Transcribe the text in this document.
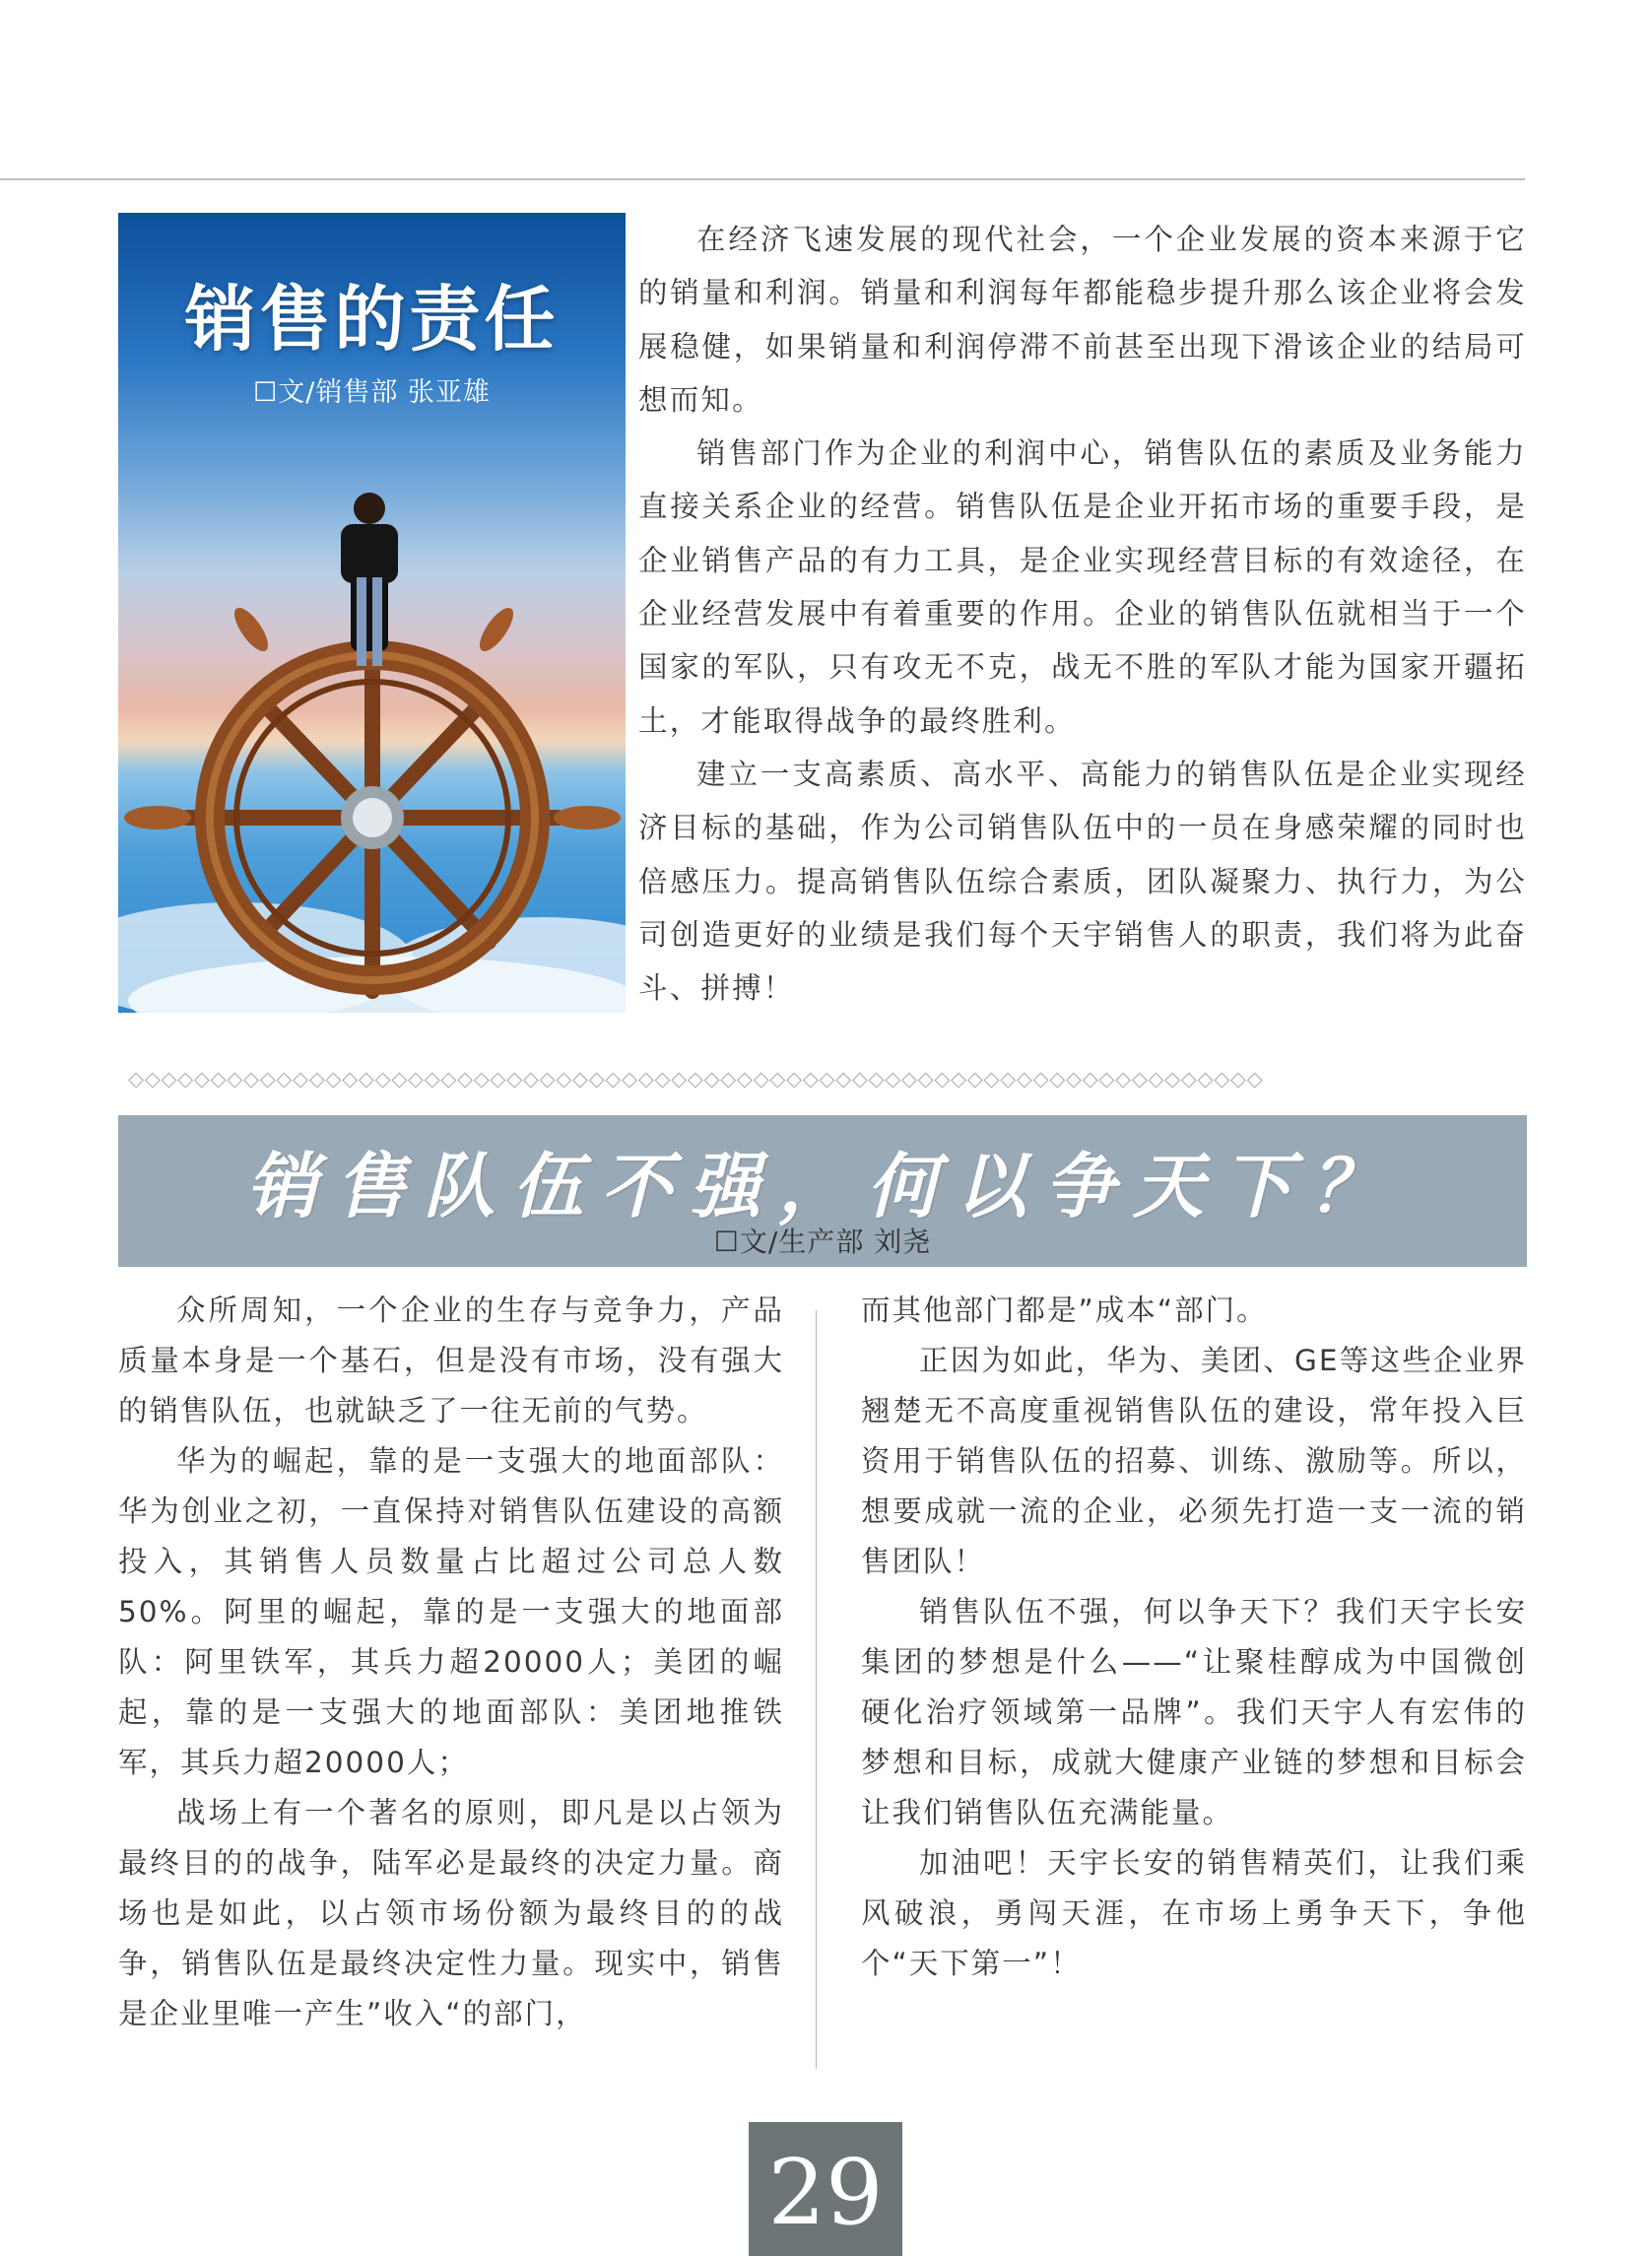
销售的责任
☐文/销售部 张亚雄

在经济飞速发展的现代社会，一个企业发展的资本来源于它的销量和利润。销量和利润每年都能稳步提升那么该企业将会发展稳健，如果销量和利润停滞不前甚至出现下滑该企业的结局可想而知。

销售部门作为企业的利润中心，销售队伍的素质及业务能力直接关系企业的经营。销售队伍是企业开拓市场的重要手段，是企业销售产品的有力工具，是企业实现经营目标的有效途径，在企业经营发展中有着重要的作用。企业的销售队伍就相当于一个国家的军队，只有攻无不克，战无不胜的军队才能为国家开疆拓土，才能取得战争的最终胜利。

建立一支高素质、高水平、高能力的销售队伍是企业实现经济目标的基础，作为公司销售队伍中的一员在身感荣耀的同时也倍感压力。提高销售队伍综合素质，团队凝聚力、执行力，为公司创造更好的业绩是我们每个天宇销售人的职责，我们将为此奋斗、拼搏！

◇◇◇◇◇◇◇◇◇◇◇◇◇◇◇◇◇◇◇◇◇◇◇◇◇◇◇◇◇◇◇◇◇◇◇◇◇◇◇◇◇◇◇◇◇◇◇◇◇◇◇◇◇◇◇◇◇◇◇◇◇◇◇◇◇◇◇◇◇
销售队伍不强，何以争天下？
☐文/生产部 刘尧

众所周知，一个企业的生存与竞争力，产品质量本身是一个基石，但是没有市场，没有强大的销售队伍，也就缺乏了一往无前的气势。

华为的崛起，靠的是一支强大的地面部队：华为创业之初，一直保持对销售队伍建设的高额投入，其销售人员数量占比超过公司总人数50%。阿里的崛起，靠的是一支强大的地面部队：阿里铁军，其兵力超20000人；美团的崛起，靠的是一支强大的地面部队：美团地推铁军，其兵力超20000人；

战场上有一个著名的原则，即凡是以占领为最终目的的战争，陆军必是最终的决定力量。商场也是如此，以占领市场份额为最终目的的战争，销售队伍是最终决定性力量。现实中，销售是企业里唯一产生”收入“的部门，

而其他部门都是”成本“部门。

正因为如此，华为、美团、GE等这些企业界翘楚无不高度重视销售队伍的建设，常年投入巨资用于销售队伍的招募、训练、激励等。所以，想要成就一流的企业，必须先打造一支一流的销售团队！

销售队伍不强，何以争天下？我们天宇长安集团的梦想是什么——“让聚桂醇成为中国微创硬化治疗领域第一品牌”。我们天宇人有宏伟的梦想和目标，成就大健康产业链的梦想和目标会让我们销售队伍充满能量。

加油吧！天宇长安的销售精英们，让我们乘风破浪，勇闯天涯，在市场上勇争天下，争他个“天下第一”！

29
